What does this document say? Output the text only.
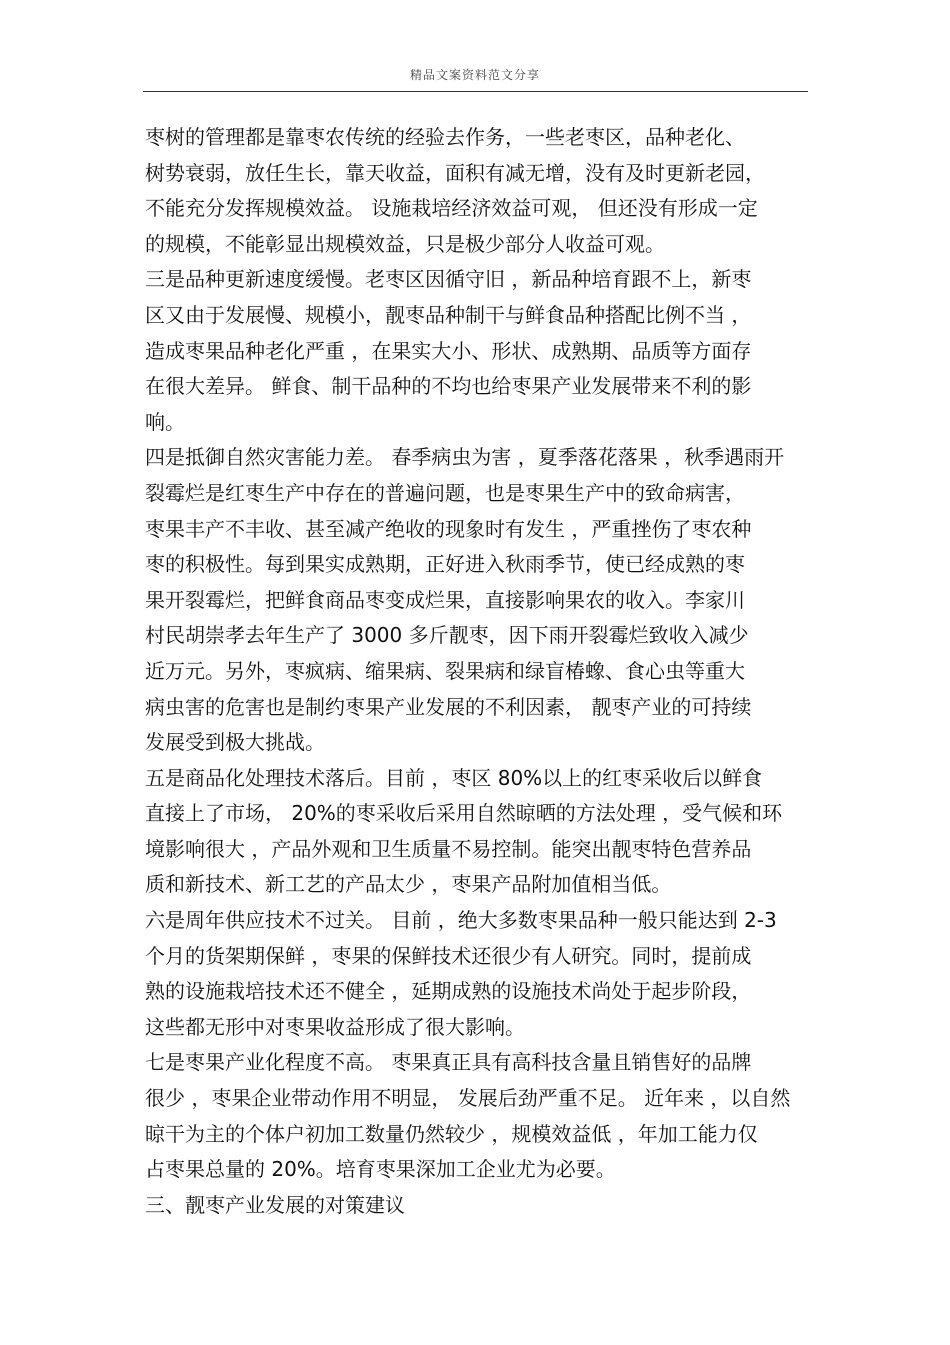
精品文案资料范文分享
枣树的管理都是靠枣农传统的经验去作务，一些老枣区，品种老化、
树势衰弱，放任生长，靠天收益，面积有减无增，没有及时更新老园，
不能充分发挥规模效益。 设施栽培经济效益可观， 但还没有形成一定
的规模，不能彰显出规模效益，只是极少部分人收益可观。
三是品种更新速度缓慢。老枣区因循守旧 ，新品种培育跟不上，新枣
区又由于发展慢、规模小，靓枣品种制干与鲜食品种搭配比例不当 ，
造成枣果品种老化严重 ，在果实大小、形状、成熟期、品质等方面存
在很大差异。 鲜食、制干品种的不均也给枣果产业发展带来不利的影
响。
四是抵御自然灾害能力差。 春季病虫为害 ，夏季落花落果 ，秋季遇雨开
裂霉烂是红枣生产中存在的普遍问题，也是枣果生产中的致命病害，
枣果丰产不丰收、甚至减产绝收的现象时有发生 ，严重挫伤了枣农种
枣的积极性。每到果实成熟期，正好进入秋雨季节，使已经成熟的枣
果开裂霉烂，把鲜食商品枣变成烂果，直接影响果农的收入。李家川
村民胡崇孝去年生产了 3000 多斤靓枣，因下雨开裂霉烂致收入减少
近万元。另外，枣疯病、缩果病、裂果病和绿盲椿蟓、食心虫等重大
病虫害的危害也是制约枣果产业发展的不利因素， 靓枣产业的可持续
发展受到极大挑战。
五是商品化处理技术落后。目前 ，枣区 80%以上的红枣采收后以鲜食
直接上了市场， 20%的枣采收后采用自然晾晒的方法处理 ，受气候和环
境影响很大 ，产品外观和卫生质量不易控制。能突出靓枣特色营养品
质和新技术、新工艺的产品太少 ，枣果产品附加值相当低。
六是周年供应技术不过关。 目前 ，绝大多数枣果品种一般只能达到 2-3
个月的货架期保鲜 ，枣果的保鲜技术还很少有人研究。同时，提前成
熟的设施栽培技术还不健全 ，延期成熟的设施技术尚处于起步阶段，
这些都无形中对枣果收益形成了很大影响。
七是枣果产业化程度不高。 枣果真正具有高科技含量且销售好的品牌
很少 ，枣果企业带动作用不明显， 发展后劲严重不足。 近年来 ，以自然
晾干为主的个体户初加工数量仍然较少 ，规模效益低 ，年加工能力仅
占枣果总量的 20%。培育枣果深加工企业尤为必要。
三、靓枣产业发展的对策建议
